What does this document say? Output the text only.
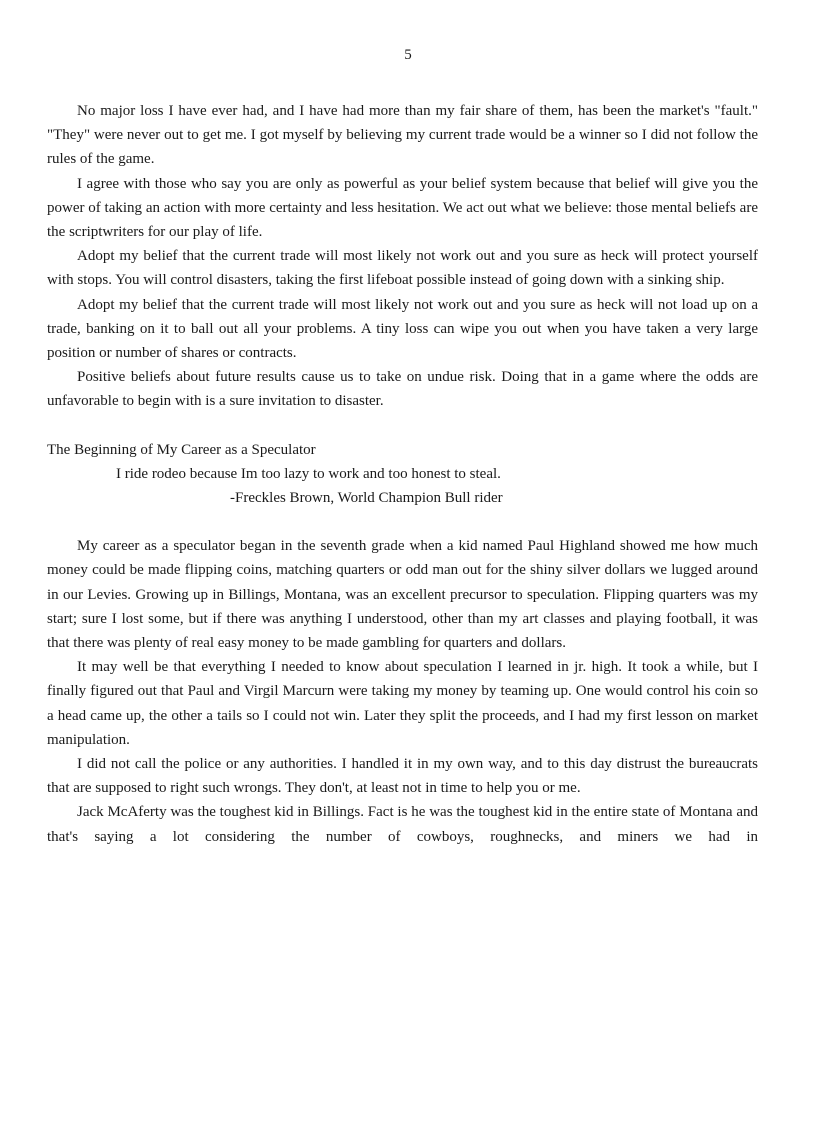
5

No major loss I have ever had, and I have had more than my fair share of them, has been the market's "fault." "They" were never out to get me. I got myself by believing my current trade would be a winner so I did not follow the rules of the game.

I agree with those who say you are only as powerful as your belief system because that belief will give you the power of taking an action with more certainty and less hesitation. We act out what we believe: those mental beliefs are the scriptwriters for our play of life.

Adopt my belief that the current trade will most likely not work out and you sure as heck will protect yourself with stops. You will control disasters, taking the first lifeboat possible instead of going down with a sinking ship.

Adopt my belief that the current trade will most likely not work out and you sure as heck will not load up on a trade, banking on it to ball out all your problems. A tiny loss can wipe you out when you have taken a very large position or number of shares or contracts.

Positive beliefs about future results cause us to take on undue risk. Doing that in a game where the odds are unfavorable to begin with is a sure invitation to disaster.

The Beginning of My Career as a Speculator
I ride rodeo because Im too lazy to work and too honest to steal.
-Freckles Brown, World Champion Bull rider

My career as a speculator began in the seventh grade when a kid named Paul Highland showed me how much money could be made flipping coins, matching quarters or odd man out for the shiny silver dollars we lugged around in our Levies. Growing up in Billings, Montana, was an excellent precursor to speculation. Flipping quarters was my start; sure I lost some, but if there was anything I understood, other than my art classes and playing football, it was that there was plenty of real easy money to be made gambling for quarters and dollars.

It may well be that everything I needed to know about speculation I learned in jr. high. It took a while, but I finally figured out that Paul and Virgil Marcurn were taking my money by teaming up. One would control his coin so a head came up, the other a tails so I could not win. Later they split the proceeds, and I had my first lesson on market manipulation.

I did not call the police or any authorities. I handled it in my own way, and to this day distrust the bureaucrats that are supposed to right such wrongs. They don't, at least not in time to help you or me.

Jack McAferty was the toughest kid in Billings. Fact is he was the toughest kid in the entire state of Montana and that's saying a lot considering the number of cowboys, roughnecks, and miners we had in
